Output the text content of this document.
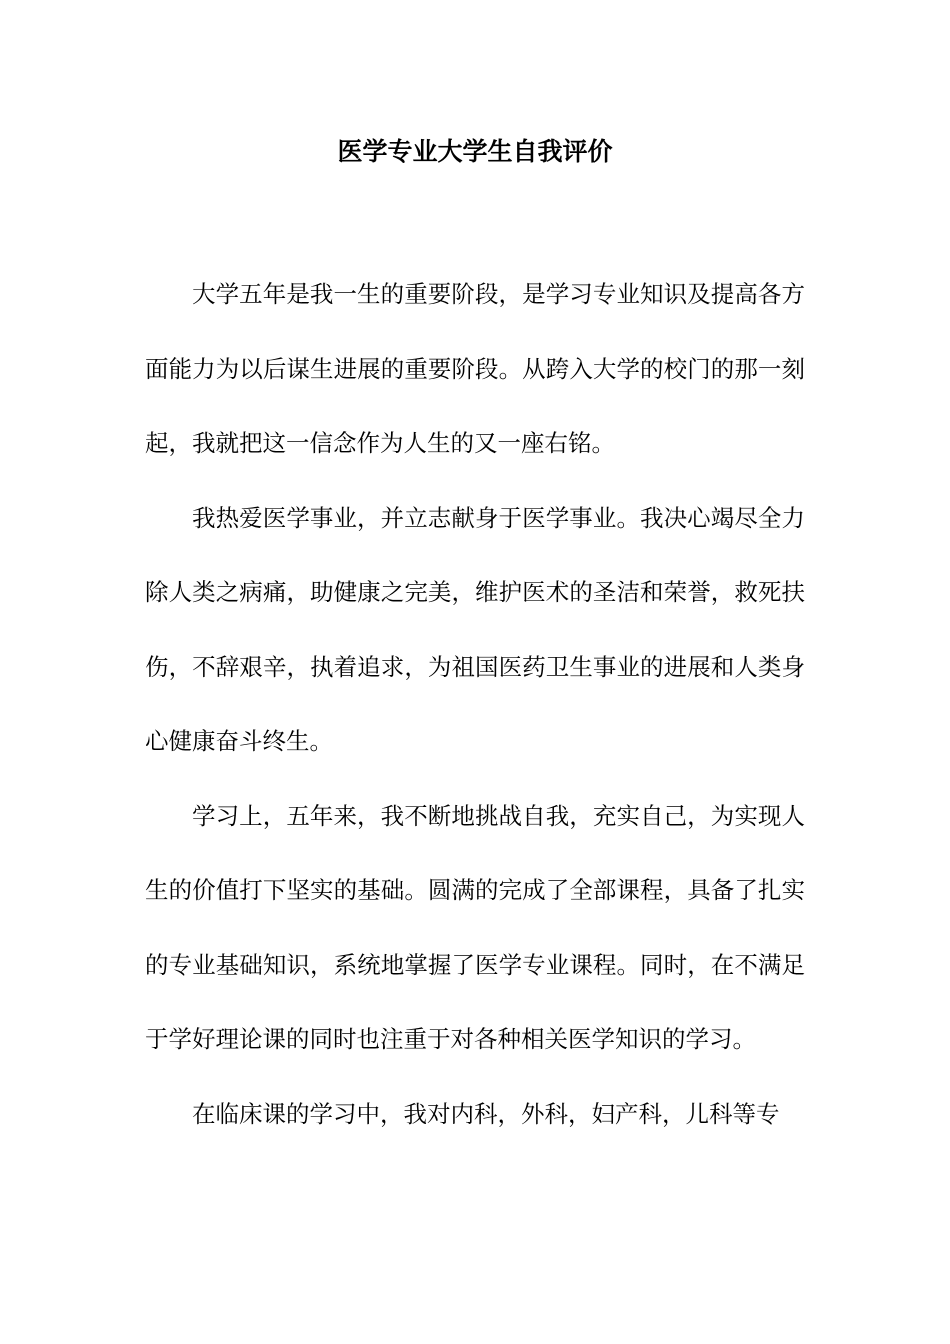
医学专业大学生自我评价

大学五年是我一生的重要阶段，是学习专业知识及提高各方面能力为以后谋生进展的重要阶段。从跨入大学的校门的那一刻起，我就把这一信念作为人生的又一座右铭。

我热爱医学事业，并立志献身于医学事业。我决心竭尽全力除人类之病痛，助健康之完美，维护医术的圣洁和荣誉，救死扶伤，不辞艰辛，执着追求，为祖国医药卫生事业的进展和人类身心健康奋斗终生。

学习上，五年来，我不断地挑战自我，充实自己，为实现人生的价值打下坚实的基础。圆满的完成了全部课程，具备了扎实的专业基础知识，系统地掌握了医学专业课程。同时，在不满足于学好理论课的同时也注重于对各种相关医学知识的学习。

在临床课的学习中，我对内科，外科，妇产科，儿科等专
